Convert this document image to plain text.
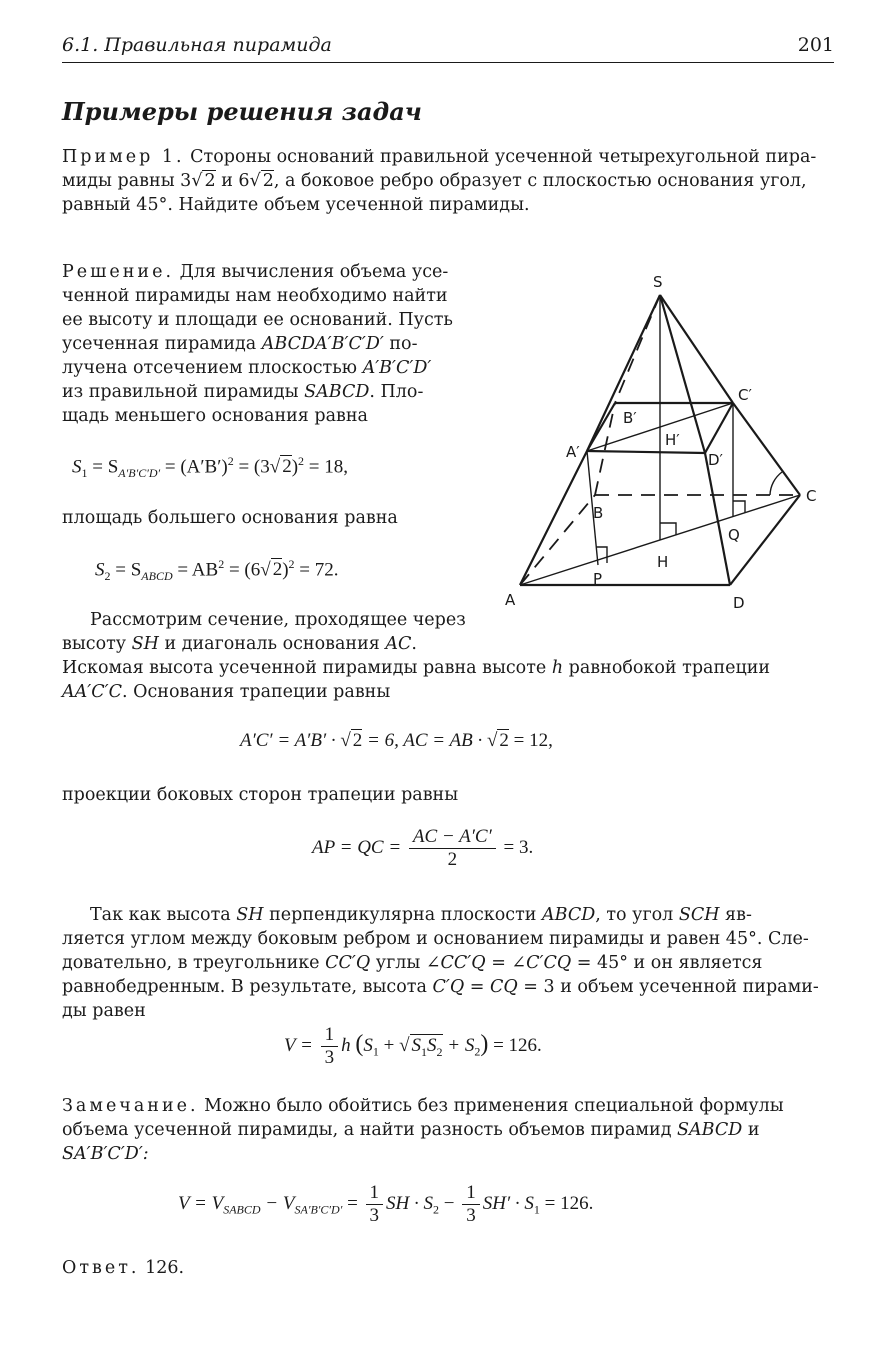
6.1. Правильная пирамида	201
Примеры решения задач
Пример 1. Стороны оснований правильной усеченной четырехугольной пира-
миды равны 3√ 2 и 6√ 2, а боковое ребро образует с плоскостью основания угол,
равный 45°. Найдите объем усеченной пирамиды.
Решение. Для вычисления объема усе-
ченной пирамиды нам необходимо найти
ее высоту и площади ее оснований. Пусть
усеченная пирамида ABCDA′B′C′D′ по-
лучена отсечением плоскостью A′B′C′D′
из правильной пирамиды SABCD. Пло-
щадь меньшего основания равна
$S_1 = S_{A'B'C'D'} = (A'B')^2 = (3√$ 2)$^2$ = 18,
площадь большего основания равна
$S_2 = S_{ABCD} = AB^2 = (6√$ 2)$^2$ = 72.
Рассмотрим сечение, проходящее через
высоту SH и диагональ основания AC.
Искомая высота усеченной пирамиды равна высоте h равнобокой трапеции
AA′C′C. Основания трапеции равны
A′C′ = A′B′ · √ 2 = 6, AC = AB · √ 2 = 12,
проекции боковых сторон трапеции равны
AP = QC = $\frac{AC - A'C'}{2} = 3$.
Так как высота SH перпендикулярна плоскости ABCD, то угол SCH яв-
ляется углом между боковым ребром и основанием пирамиды и равен 45°. Сле-
довательно, в треугольнике CC′Q углы ∠CC′Q = ∠C′CQ = 45° и он является
равнобедренным. В результате, высота C′Q = CQ = 3 и объем усеченной пирами-
ды равен
$V = \frac{1}{3}$ h ($S_1$ + √ $S_1S_2 + S_2) = 126$.
Замечание. Можно было обойтись без применения специальной формулы
объема усеченной пирамиды, а найти разность объемов пирамид SABCD и
SA′B′C′D′:
$V = V_{SABCD} - V_{SA'B'C'D'} = \frac{1}{3}$ SH · $S_2 - \frac{1}{3} SH' \cdot S_1 = 126$.
Ответ. 126.
S
C′
B′
H′
A′	D′
C
B
Q
H
P
A	D
